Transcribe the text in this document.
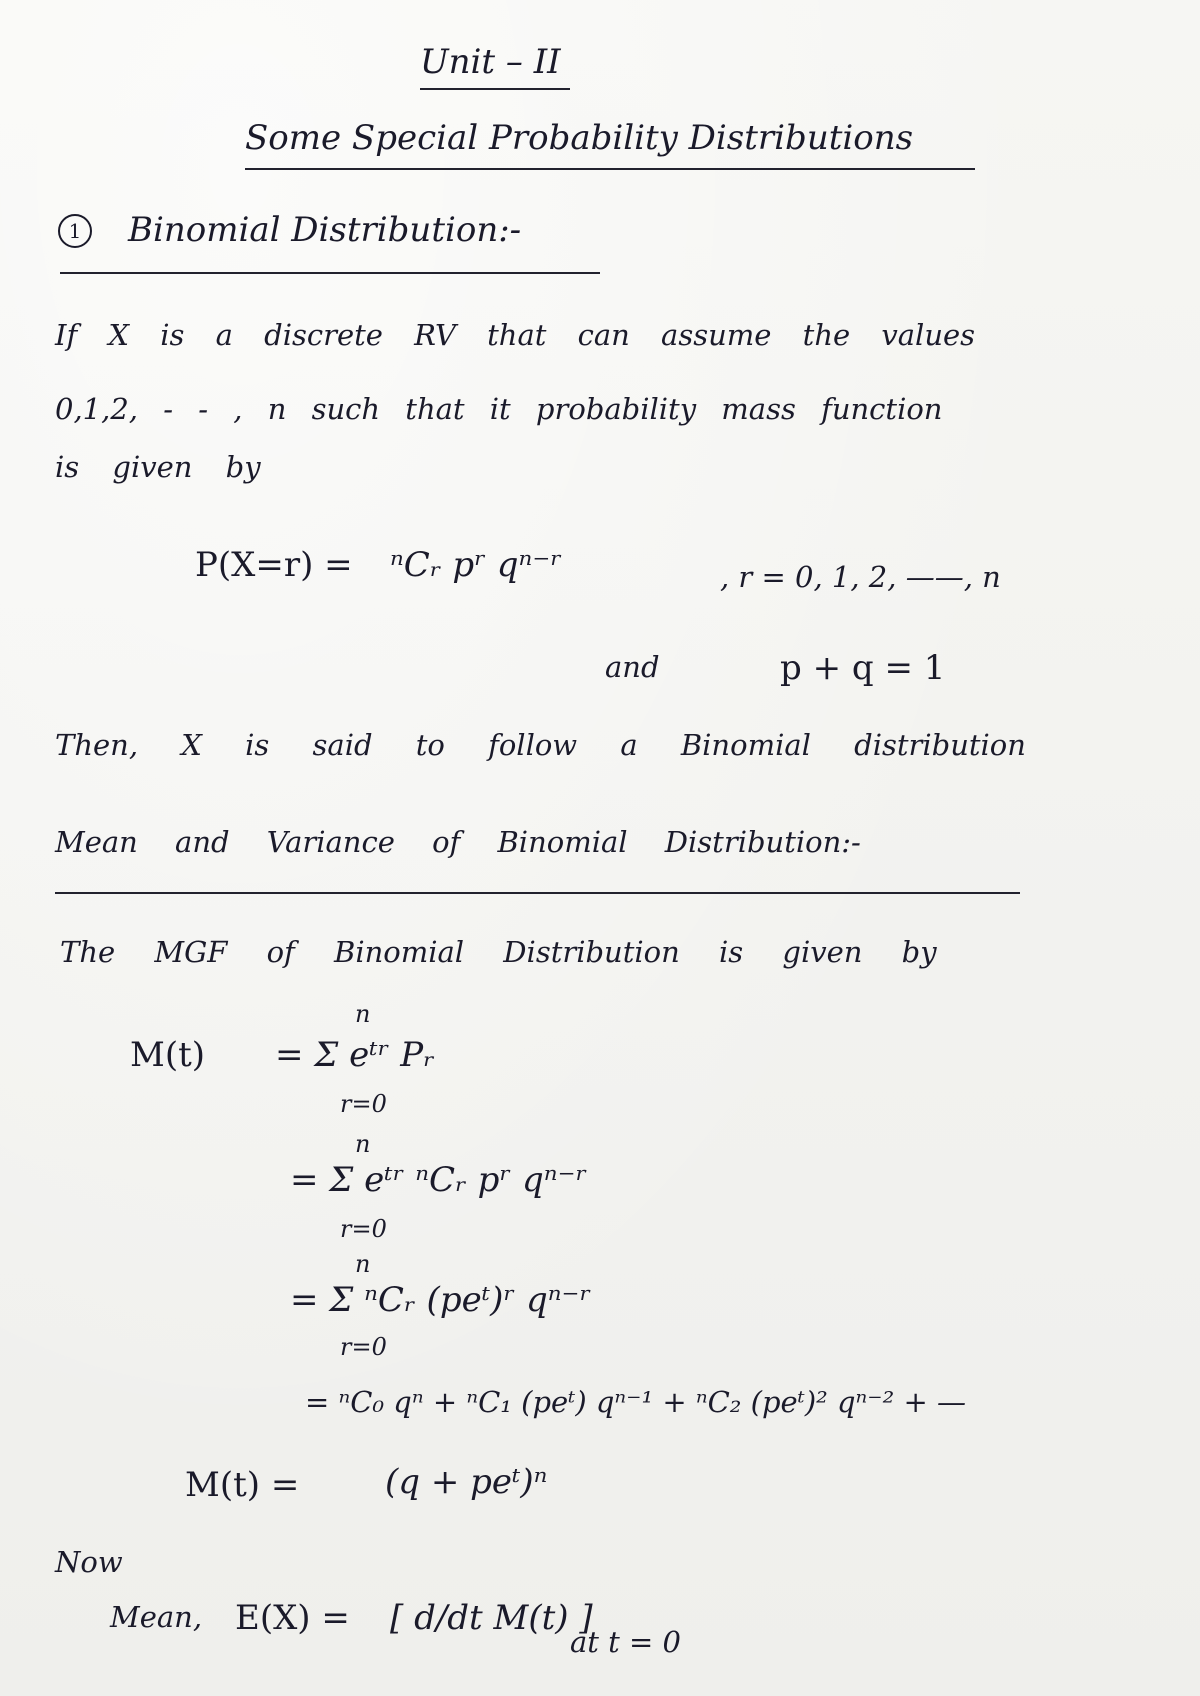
Unit – II
Some Special Probability Distributions
1	Binomial Distribution:-
If X is a discrete RV that can assume the values
0,1,2, - - , n such that it probability mass function
is given by
P(X=r) = ⁿCᵣ pʳ qⁿ⁻ʳ	, r = 0, 1, 2, ——, n
and	p + q = 1
Then, X is said to follow a Binomial distribution
Mean and Variance of Binomial Distribution:-
The MGF of Binomial Distribution is given by
M(t)
n
= Σ eᵗʳ Pᵣ
r=0
n
= Σ eᵗʳ ⁿCᵣ pʳ qⁿ⁻ʳ
r=0
n
= Σ ⁿCᵣ (peᵗ)ʳ qⁿ⁻ʳ
r=0
= ⁿC₀ qⁿ + ⁿC₁ (peᵗ) qⁿ⁻¹ + ⁿC₂ (peᵗ)² qⁿ⁻² + —
M(t) =	(q + peᵗ)ⁿ
Now
Mean, E(X) = [ d/dt M(t) ]
at t = 0
